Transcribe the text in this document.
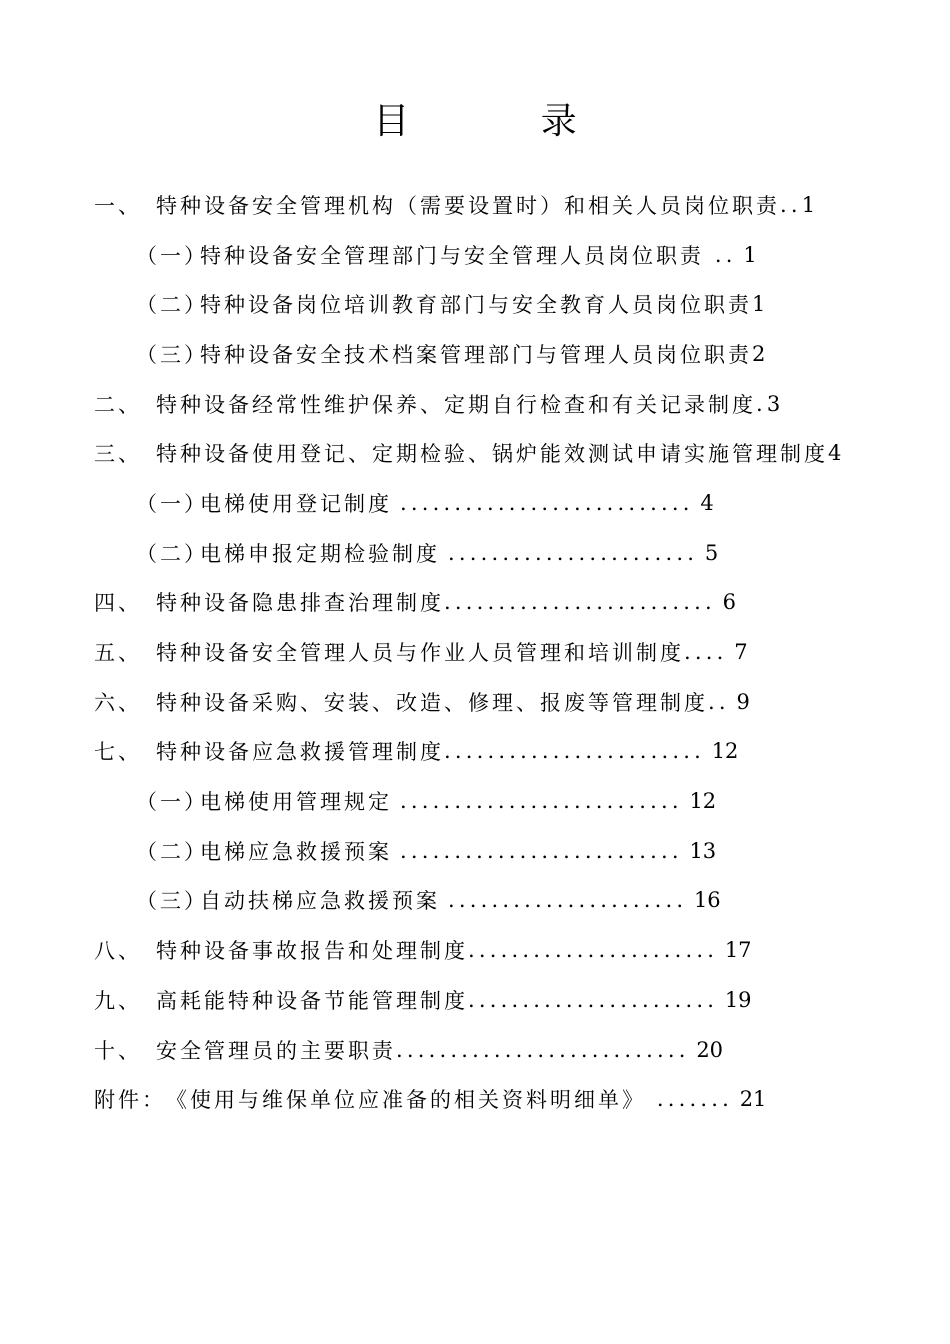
目 录
一、 特种设备安全管理机构（需要设置时）和相关人员岗位职责 .. 1
（一）
特种设备安全管理部门与安全管理人员岗位职责 .. 1
（二）
特种设备岗位培训教育部门与安全教育人员岗位职责 1
（三）
特种设备安全技术档案管理部门与管理人员岗位职责 2
二、 特种设备经常性维护保养、定期自行检查和有关记录制度 . 3
三、 特种设备使用登记、定期检验、锅炉能效测试申请实施管理制度 4
（一）
电梯使用登记制度 ........................... 4
（二）
电梯申报定期检验制度 ....................... 5
四、 特种设备隐患排查治理制度 ......................... 6
五、 特种设备安全管理人员与作业人员管理和培训制度 .... 7
六、 特种设备采购、安装、改造、修理、报废等管理制度 .. 9
七、 特种设备应急救援管理制度 ........................ 12
（一）
电梯使用管理规定 .......................... 12
（二）
电梯应急救援预案 .......................... 13
（三）
自动扶梯应急救援预案 ...................... 16
八、 特种设备事故报告和处理制度 ....................... 17
九、 高耗能特种设备节能管理制度 ....................... 19
十、 安全管理员的主要职责 ........................... 20
附件： 《使用与维保单位应准备的相关资料明细单》 ....... 21
